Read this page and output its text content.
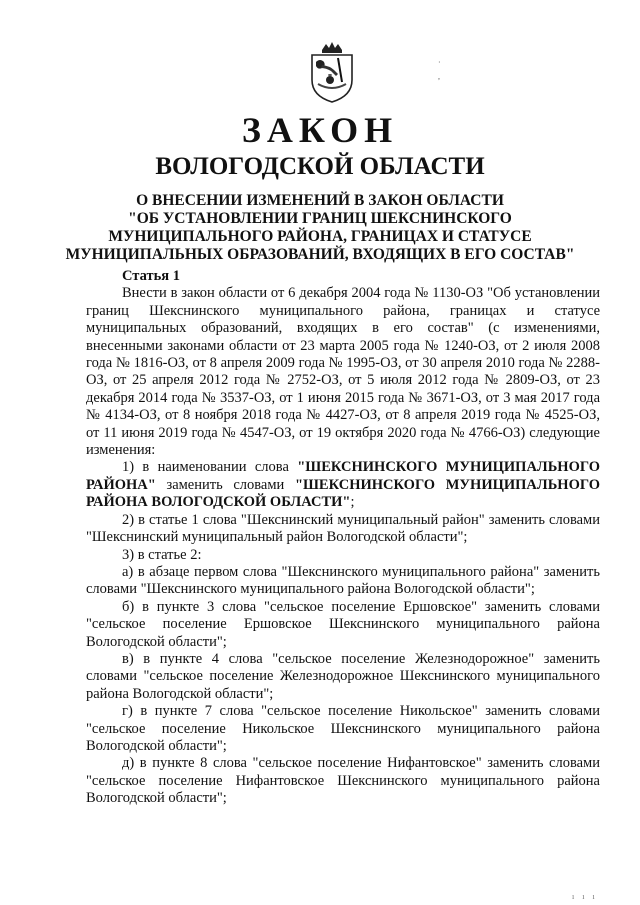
·
,
ЗАКОН
ВОЛОГОДСКОЙ ОБЛАСТИ
О ВНЕСЕНИИ ИЗМЕНЕНИЙ В ЗАКОН ОБЛАСТИ
"ОБ УСТАНОВЛЕНИИ ГРАНИЦ ШЕКСНИНСКОГО
МУНИЦИПАЛЬНОГО РАЙОНА, ГРАНИЦАХ И СТАТУСЕ
МУНИЦИПАЛЬНЫХ ОБРАЗОВАНИЙ, ВХОДЯЩИХ В ЕГО СОСТАВ"
Статья 1
Внести в закон области от 6 декабря 2004 года № 1130-ОЗ "Об установлении границ Шекснинского муниципального района, границах и статусе муниципальных образований, входящих в его состав" (с изменениями, внесенными законами области от 23 марта 2005 года № 1240-ОЗ, от 2 июля 2008 года № 1816-ОЗ, от 8 апреля 2009 года № 1995-ОЗ, от 30 апреля 2010 года № 2288-ОЗ, от 25 апреля 2012 года № 2752-ОЗ, от 5 июля 2012 года № 2809-ОЗ, от 23 декабря 2014 года № 3537-ОЗ, от 1 июня 2015 года № 3671-ОЗ, от 3 мая 2017 года № 4134-ОЗ, от 8 ноября 2018 года № 4427-ОЗ, от 8 апреля 2019 года № 4525-ОЗ, от 11 июня 2019 года № 4547-ОЗ, от 19 октября 2020 года № 4766-ОЗ) следующие изменения:
1) в наименовании слова "ШЕКСНИНСКОГО МУНИЦИПАЛЬНОГО РАЙОНА" заменить словами "ШЕКСНИНСКОГО МУНИЦИПАЛЬНОГО РАЙОНА ВОЛОГОДСКОЙ ОБЛАСТИ";
2) в статье 1 слова "Шекснинский муниципальный район" заменить словами "Шекснинский муниципальный район Вологодской области";
3) в статье 2:
а) в абзаце первом слова "Шекснинского муниципального района" заменить словами "Шекснинского муниципального района Вологодской области";
б) в пункте 3 слова "сельское поселение Ершовское" заменить словами "сельское поселение Ершовское Шекснинского муниципального района Вологодской области";
в) в пункте 4 слова "сельское поселение Железнодорожное" заменить словами "сельское поселение Железнодорожное Шекснинского муниципального района Вологодской области";
г) в пункте 7 слова "сельское поселение Никольское" заменить словами "сельское поселение Никольское Шекснинского муниципального района Вологодской области";
д) в пункте 8 слова "сельское поселение Нифантовское" заменить словами "сельское поселение Нифантовское Шекснинского муниципального района Вологодской области";
ı ı ı
